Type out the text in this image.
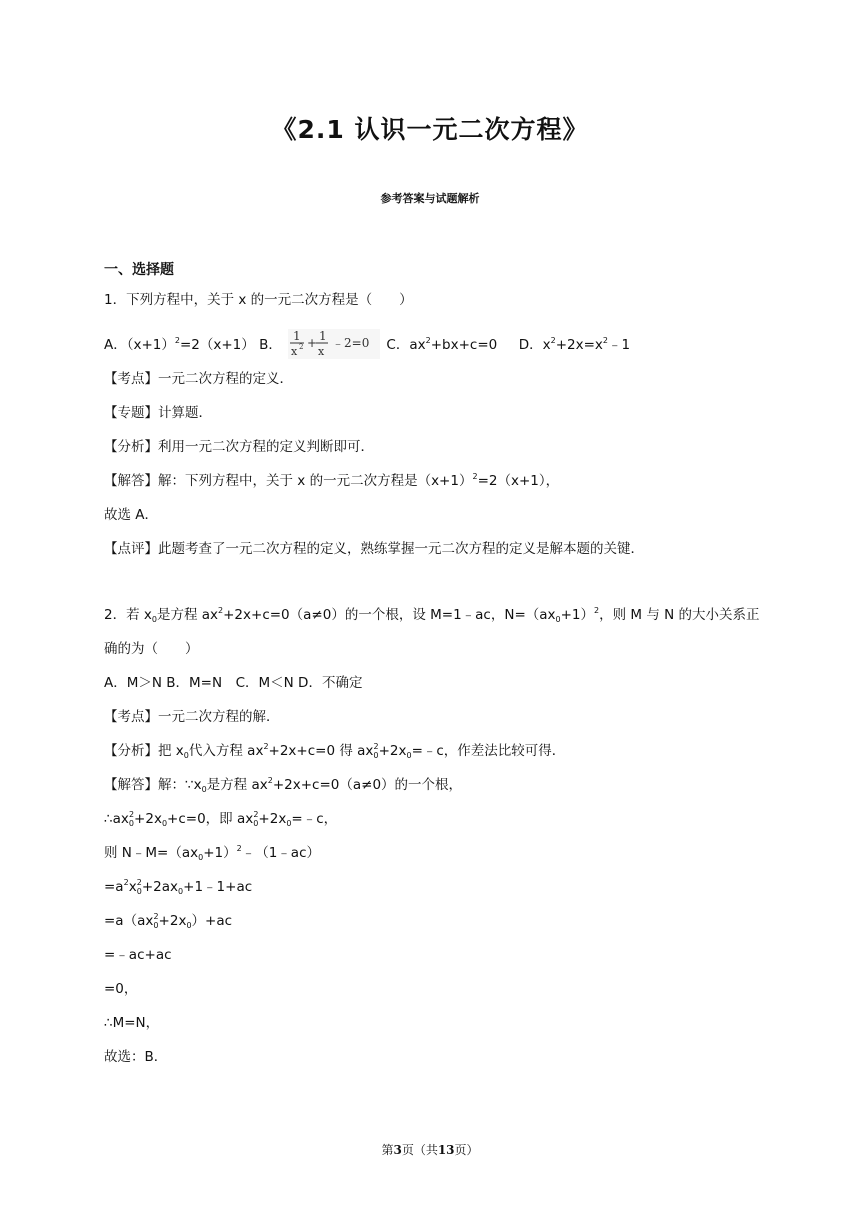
《2.1 认识一元二次方程》
参考答案与试题解析
一、选择题
1．下列方程中，关于 x 的一元二次方程是（　　）
A．$(x+1)^2=2(x+1)$ B．
1
x 2 + 1
x
﹣2=0 C．$ax^2+bx+c=0$ D．$x^2+2x=x^2﹣1$
【考点】一元二次方程的定义．
【专题】计算题．
【分析】利用一元二次方程的定义判断即可．
【解答】解：下列方程中，关于 x 的一元二次方程是$(x+1)^2=2(x+1)$，
故选 A．
【点评】此题考查了一元二次方程的定义，熟练掌握一元二次方程的定义是解本题的关键．
2．若 $x_0$是方程 $ax^2+2x+c=0(a\ne 0)$的一个根，设 M=1﹣ac，$N=(ax_0+1)^2$，则 M 与 N 的大小关系正
确的为（　　）
A．M＞N B．M=N　C．M＜N D．不确定
【考点】一元二次方程的解．
【分析】把 $x_0$代入方程 $ax^2+2x+c=0$ 得 $ax_0^2+2x_0=﹣c$，作差法比较可得．
【解答】解：$\because x_0$是方程 $ax^2+2x+c=0(a\ne 0)$的一个根，
$\therefore ax_0^2+2x_0+c=0$，即 $ax_0^2+2x_0=﹣c$，
则 $N﹣M=(ax_0+1)^2﹣(1﹣ac)$
$=a^2x_0^2+2ax_0+1﹣1+ac$
$=a(ax_0^2+2x_0)+ac$
=﹣ac+ac
=0，
∴M=N，
故选：B．
第3页（共13页）
